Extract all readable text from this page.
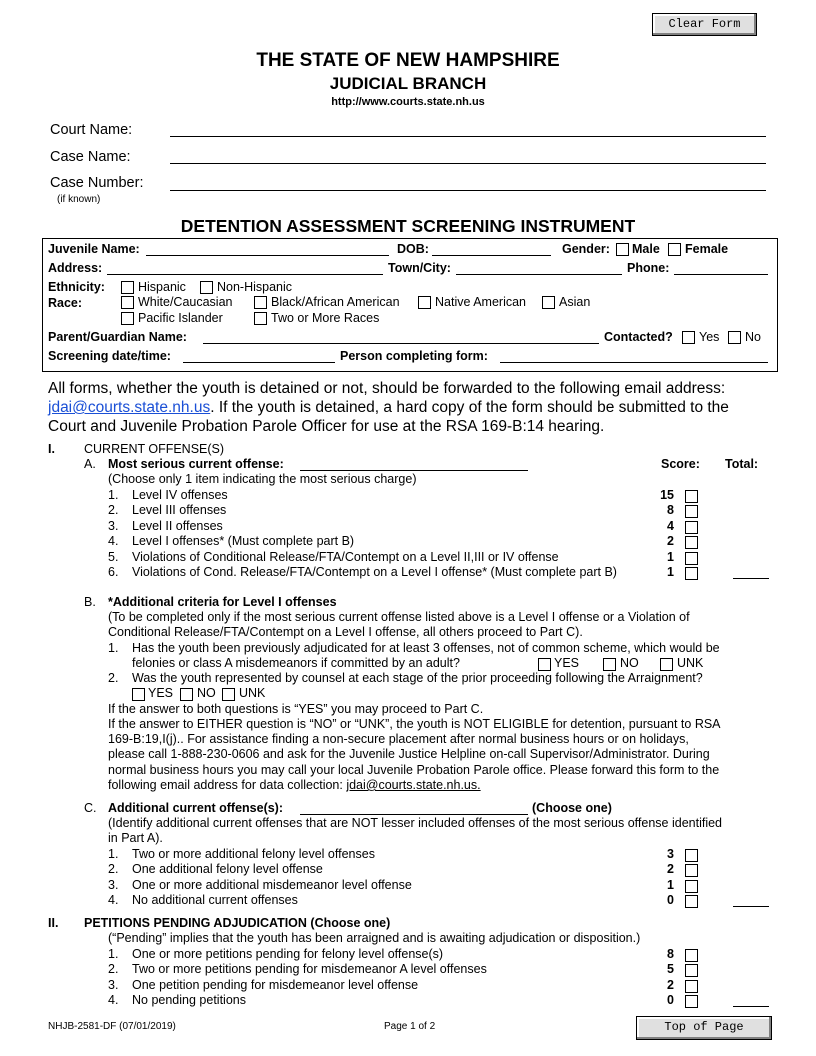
Clear Form
Top of Page
THE STATE OF NEW HAMPSHIRE
JUDICIAL BRANCH
http://www.courts.state.nh.us
Court Name:
Case Name:
Case Number:
(if known)
DETENTION ASSESSMENT SCREENING INSTRUMENT
Juvenile Name:	DOB:	Gender: Male Female
Address:	Town/City:	Phone:
Ethnicity:	Hispanic Non-Hispanic
Race:	White/Caucasian	Black/African American	Native American	Asian
Pacific Islander	Two or More Races
Parent/Guardian Name:	Contacted? Yes No
Screening date/time:	Person completing form:
All forms, whether the youth is detained or not, should be forwarded to the following email address:
jdai@courts.state.nh.us. If the youth is detained, a hard copy of the form should be submitted to the
Court and Juvenile Probation Parole Officer for use at the RSA 169-B:14 hearing.
I. CURRENT OFFENSE(S)
A. Most serious current offense:	Score: Total:
(Choose only 1 item indicating the most serious charge)
1. Level IV offenses	15
2. Level III offenses	8
3. Level II offenses	4
4. Level I offenses* (Must complete part B)	2
5. Violations of Conditional Release/FTA/Contempt on a Level II,III or IV offense	1
6. Violations of Cond. Release/FTA/Contempt on a Level I offense* (Must complete part B)	1
B. *Additional criteria for Level I offenses
(To be completed only if the most serious current offense listed above is a Level I offense or a Violation of
Conditional Release/FTA/Contempt on a Level I offense, all others proceed to Part C).
1. Has the youth been previously adjudicated for at least 3 offenses, not of common scheme, which would be
felonies or class A misdemeanors if committed by an adult?	YES	NO	UNK
2. Was the youth represented by counsel at each stage of the prior proceeding following the Arraignment?
YES NO UNK
If the answer to both questions is “YES” you may proceed to Part C.
If the answer to EITHER question is “NO” or “UNK”, the youth is NOT ELIGIBLE for detention, pursuant to RSA
169-B:19,I(j).. For assistance finding a non-secure placement after normal business hours or on holidays,
please call 1-888-230-0606 and ask for the Juvenile Justice Helpline on-call Supervisor/Administrator. During
normal business hours you may call your local Juvenile Probation Parole office. Please forward this form to the
following email address for data collection: jdai@courts.state.nh.us.
C. Additional current offense(s):	(Choose one)
(Identify additional current offenses that are NOT lesser included offenses of the most serious offense identified
in Part A).
1. Two or more additional felony level offenses	3
2. One additional felony level offense	2
3. One or more additional misdemeanor level offense	1
4. No additional current offenses	0
II. PETITIONS PENDING ADJUDICATION (Choose one)
(“Pending” implies that the youth has been arraigned and is awaiting adjudication or disposition.)
1. One or more petitions pending for felony level offense(s)	8
2. Two or more petitions pending for misdemeanor A level offenses	5
3. One petition pending for misdemeanor level offense	2
4. No pending petitions	0
NHJB-2581-DF (07/01/2019)	Page 1 of 2
